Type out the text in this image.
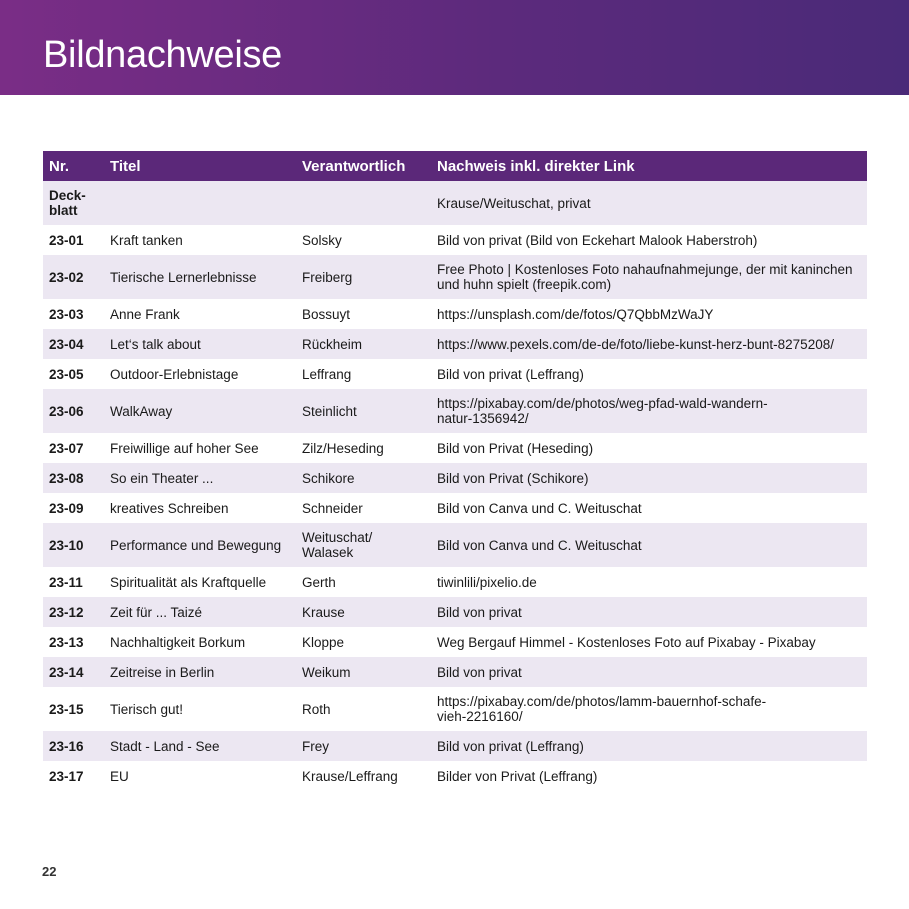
Bildnachweise
Nr.	Titel	Verantwortlich	Nachweis inkl. direkter Link
Deck-
blatt			Krause/Weituschat, privat
23-01	Kraft tanken	Solsky	Bild von privat (Bild von Eckehart Malook Haberstroh)
23-02	Tierische Lernerlebnisse	Freiberg	Free Photo | Kostenloses Foto nahaufnahmejunge, der mit kaninchen
und huhn spielt (freepik.com)
23-03	Anne Frank	Bossuyt	https://unsplash.com/de/fotos/Q7QbbMzWaJY
23-04	Let‘s talk about	Rückheim	https://www.pexels.com/de-de/foto/liebe-kunst-herz-bunt-8275208/
23-05	Outdoor-Erlebnistage	Leffrang	Bild von privat (Leffrang)
23-06	WalkAway	Steinlicht	https://pixabay.com/de/photos/weg-pfad-wald-wandern-
natur-1356942/
23-07	Freiwillige auf hoher See	Zilz/Heseding	Bild von Privat (Heseding)
23-08	So ein Theater ...	Schikore	Bild von Privat (Schikore)
23-09	kreatives Schreiben	Schneider	Bild von Canva und C. Weituschat
23-10	Performance und Bewegung	Weituschat/
Walasek	Bild von Canva und C. Weituschat
23-11	Spiritualität als Kraftquelle	Gerth	tiwinlili/pixelio.de
23-12	Zeit für ... Taizé	Krause	Bild von privat
23-13	Nachhaltigkeit Borkum	Kloppe	Weg Bergauf Himmel - Kostenloses Foto auf Pixabay - Pixabay
23-14	Zeitreise in Berlin	Weikum	Bild von privat
23-15	Tierisch gut!	Roth	https://pixabay.com/de/photos/lamm-bauernhof-schafe-
vieh-2216160/
23-16	Stadt - Land - See	Frey	Bild von privat (Leffrang)
23-17	EU	Krause/Leffrang	Bilder von Privat (Leffrang)
22
